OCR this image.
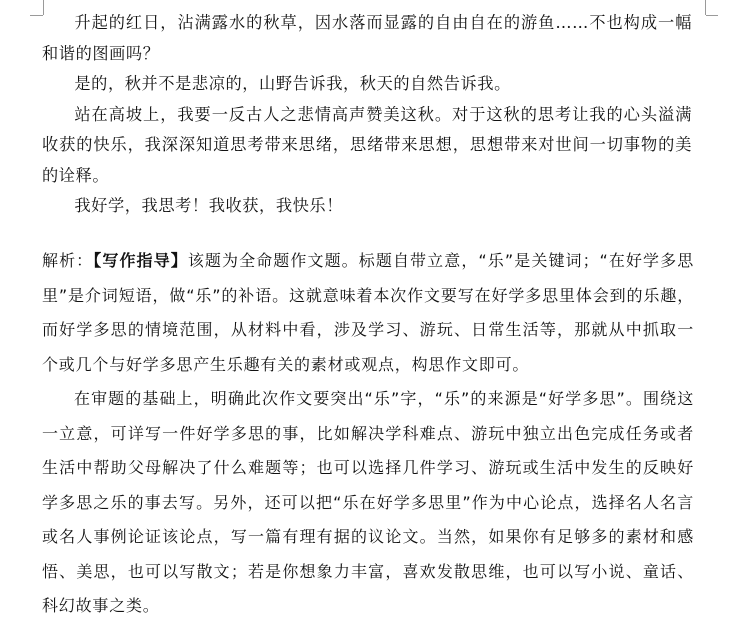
升起的红日，沾满露水的秋草，因水落而显露的自由自在的游鱼……不也构成一幅和谐的图画吗？

是的，秋并不是悲凉的，山野告诉我，秋天的自然告诉我。

站在高坡上，我要一反古人之悲情高声赞美这秋。对于这秋的思考让我的心头溢满收获的快乐，我深深知道思考带来思绪，思绪带来思想，思想带来对世间一切事物的美的诠释。

我好学，我思考！我收获，我快乐！

解析：【写作指导】该题为全命题作文题。标题自带立意，“乐”是关键词；“在好学多思里”是介词短语，做“乐”的补语。这就意味着本次作文要写在好学多思里体会到的乐趣，而好学多思的情境范围，从材料中看，涉及学习、游玩、日常生活等，那就从中抓取一个或几个与好学多思产生乐趣有关的素材或观点，构思作文即可。

在审题的基础上，明确此次作文要突出“乐”字，“乐”的来源是“好学多思”。围绕这一立意，可详写一件好学多思的事，比如解决学科难点、游玩中独立出色完成任务或者生活中帮助父母解决了什么难题等；也可以选择几件学习、游玩或生活中发生的反映好学多思之乐的事去写。另外，还可以把“乐在好学多思里”作为中心论点，选择名人名言或名人事例论证该论点，写一篇有理有据的议论文。当然，如果你有足够多的素材和感悟、美思，也可以写散文；若是你想象力丰富，喜欢发散思维，也可以写小说、童话、科幻故事之类。
